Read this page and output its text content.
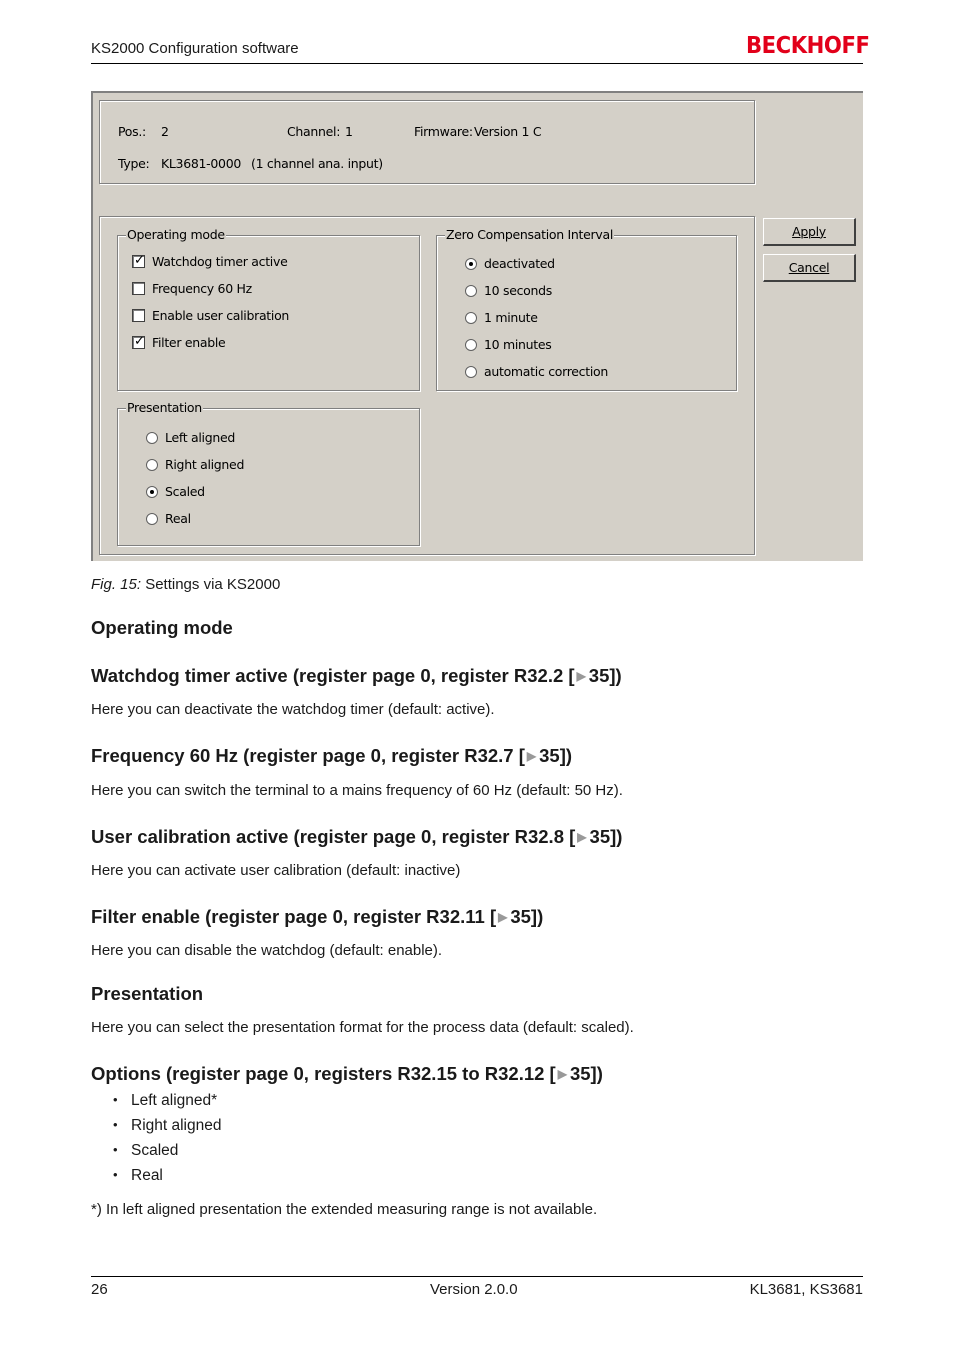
KS2000 Configuration software	BECKHOFF
Pos.: 2	Channel: 1	Firmware: Version 1 C
Type: KL3681-0000 (1 channel ana. input)
Operating mode
✓ Watchdog timer active
Frequency 60 Hz
Enable user calibration
✓ Filter enable
Zero Compensation Interval
deactivated
10 seconds
1 minute
10 minutes
automatic correction
Presentation
Left aligned
Right aligned
Scaled
Real
Apply
Cancel
Fig. 15: Settings via KS2000
Operating mode
Watchdog timer active (register page 0, register R32.2 [ ▶ 35])
Here you can deactivate the watchdog timer (default: active).
Frequency 60 Hz (register page 0, register R32.7 [ ▶ 35])
Here you can switch the terminal to a mains frequency of 60 Hz (default: 50 Hz).
User calibration active (register page 0, register R32.8 [ ▶ 35])
Here you can activate user calibration (default: inactive)
Filter enable (register page 0, register R32.11 [ ▶ 35])
Here you can disable the watchdog (default: enable).
Presentation
Here you can select the presentation format for the process data (default: scaled).
Options (register page 0, registers R32.15 to R32.12 [ ▶ 35])
• Left aligned*
• Right aligned
• Scaled
• Real
*) In left aligned presentation the extended measuring range is not available.
26	Version 2.0.0	KL3681, KS3681
